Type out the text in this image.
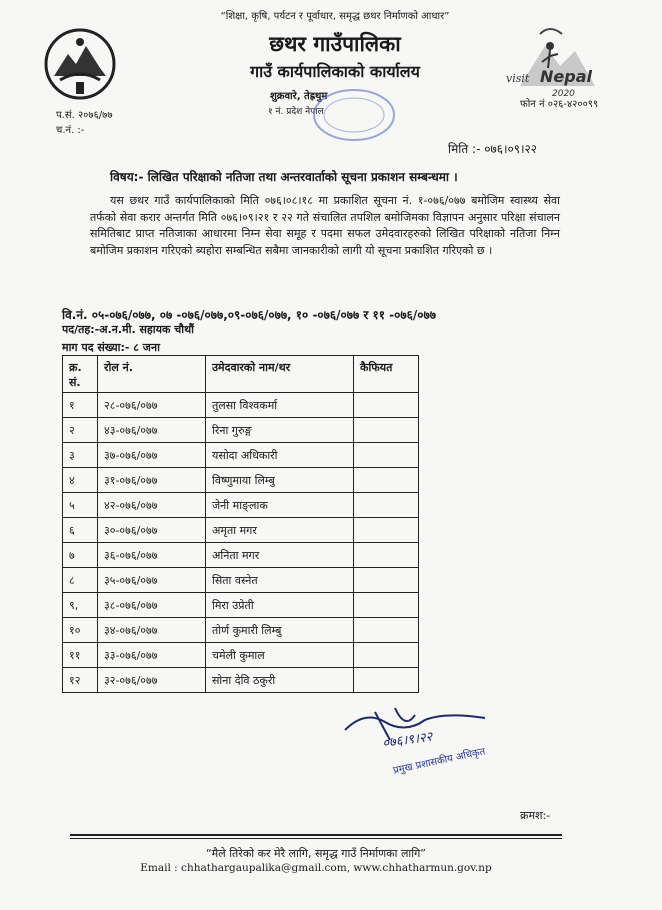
“शिक्षा, कृषि, पर्यटन र पूर्वाधार, समृद्ध छथर निर्माणको आधार”
छथर गाउँपालिका
गाउँ कार्यपालिकाको कार्यालय
शुक्रवारे, तेह्रथुम
१ नं. प्रदेश नेपाल
visit Nepal
2020
फोन नं ०२६-४२००९९
प.सं. २०७६/७७
च.नं. :-
मिति :- ०७६।०९।२२
विषय:- लिखित परिक्षाको नतिजा तथा अन्तरवार्ताको सूचना प्रकाशन सम्बन्धमा ।
यस छथर गाउँ कार्यपालिकाको मिति ०७६।०८।१८ मा प्रकाशित सूचना नं. १-०७६/०७७ बमोजिम स्वास्थ्य सेवा तर्फको सेवा करार अन्तर्गत मिति ०७६।०९।२१ र २२ गते संचालित तपशिल बमोजिमका विज्ञापन अनुसार परिक्षा संचालन समितिबाट प्राप्त नतिजाका आधारमा निम्न सेवा समूह र पदमा सफल उमेदवारहरुको लिखित परिक्षाको नतिजा निम्न बमोजिम प्रकाशन गरिएको ब्यहोरा सम्बन्धित सबैमा जानकारीको लागी यो सूचना प्रकाशित गरिएको छ ।
वि.नं. ०५-०७६/०७७, ०७ -०७६/०७७,०९-०७६/०७७, १० -०७६/०७७ र ११ -०७६/०७७
पद/तह:-अ.न.मी. सहायक चौथौं
माग पद संख्या:- ८ जना
क्र. सं.	रोल नं.	उमेदवारको नाम/थर	कैफियत
१	२८-०७६/०७७	तुलसा विश्वकर्मा	
२	४३-०७६/०७७	रिना गुरुङ्ग	
३	३७-०७६/०७७	यसोदा अधिकारी	
४	३१-०७६/०७७	विष्णुमाया लिम्बु	
५	४२-०७६/०७७	जेनी माङ्लाक	
६	३०-०७६/०७७	अमृता मगर	
७	३६-०७६/०७७	अनिता मगर	
८	३५-०७६/०७७	सिता वस्नेत	
९,	३८-०७६/०७७	मिरा उप्रेती	
१०	३४-०७६/०७७	तोर्ण कुमारी लिम्बु	
११	३३-०७६/०७७	चमेली कुमाल	
१२	३२-०७६/०७७	सोना देवि ठकुरी	
०७६।९।२२
प्रमुख प्रशासकीय अधिकृत
क्रमश:-
“मैले तिरेको कर मेरै लागि, समृद्ध गाउँ निर्माणका लागि”
Email : chhathargaupalika@gmail.com, www.chhatharmun.gov.np
